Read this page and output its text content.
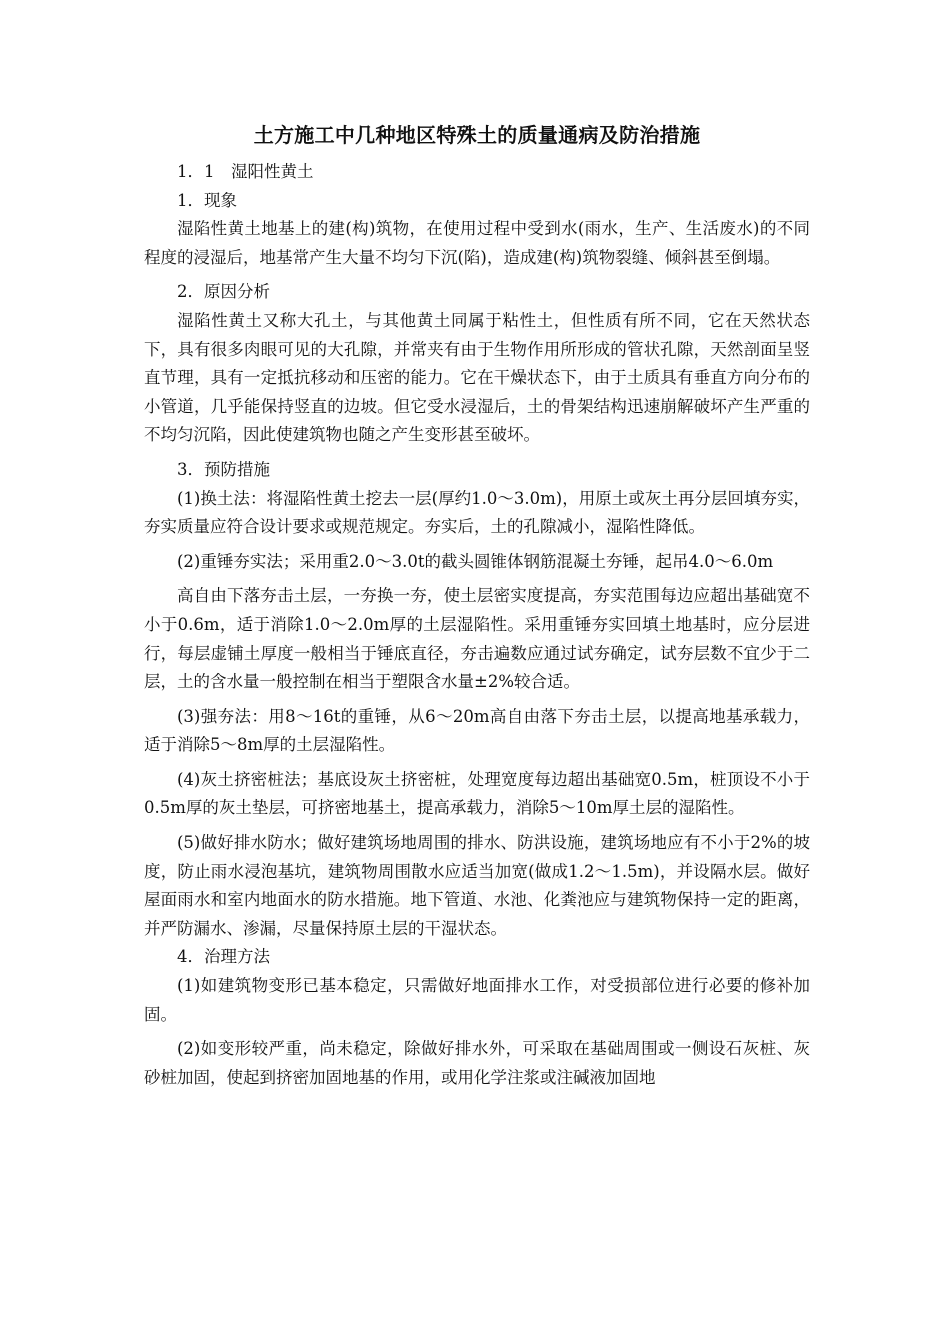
土方施工中几种地区特殊土的质量通病及防治措施

1．1　湿阳性黄土

1．现象

湿陷性黄土地基上的建(构)筑物，在使用过程中受到水(雨水，生产、生活废水)的不同程度的浸湿后，地基常产生大量不均匀下沉(陷)，造成建(构)筑物裂缝、倾斜甚至倒塌。

2．原因分析

湿陷性黄土又称大孔土，与其他黄土同属于粘性土，但性质有所不同，它在天然状态下，具有很多肉眼可见的大孔隙，并常夹有由于生物作用所形成的管状孔隙，天然剖面呈竖直节理，具有一定抵抗移动和压密的能力。它在干燥状态下，由于土质具有垂直方向分布的小管道，几乎能保持竖直的边坡。但它受水浸湿后，土的骨架结构迅速崩解破坏产生严重的不均匀沉陷，因此使建筑物也随之产生变形甚至破坏。

3．预防措施

(1)换土法：将湿陷性黄土挖去一层(厚约1.0～3.0m)，用原土或灰土再分层回填夯实，夯实质量应符合设计要求或规范规定。夯实后，土的孔隙减小，湿陷性降低。

(2)重锤夯实法；采用重2.0～3.0t的截头圆锥体钢筋混凝土夯锤，起吊4.0～6.0m

高自由下落夯击土层，一夯换一夯，使土层密实度提高，夯实范围每边应超出基础宽不小于0.6m，适于消除1.0～2.0m厚的土层湿陷性。采用重锤夯实回填土地基时，应分层进行，每层虚铺土厚度一般相当于锤底直径，夯击遍数应通过试夯确定，试夯层数不宜少于二层，土的含水量一般控制在相当于塑限含水量±2%较合适。

(3)强夯法：用8～16t的重锤，从6～20m高自由落下夯击土层，以提高地基承载力，适于消除5～8m厚的土层湿陷性。

(4)灰土挤密桩法；基底设灰土挤密桩，处理宽度每边超出基础宽0.5m，桩顶设不小于0.5m厚的灰土垫层，可挤密地基土，提高承载力，消除5～10m厚土层的湿陷性。

(5)做好排水防水；做好建筑场地周围的排水、防洪设施，建筑场地应有不小于2%的坡度，防止雨水浸泡基坑，建筑物周围散水应适当加宽(做成1.2～1.5m)，并设隔水层。做好屋面雨水和室内地面水的防水措施。地下管道、水池、化粪池应与建筑物保持一定的距离，并严防漏水、渗漏，尽量保持原土层的干湿状态。

4．治理方法

(1)如建筑物变形已基本稳定，只需做好地面排水工作，对受损部位进行必要的修补加固。

(2)如变形较严重，尚未稳定，除做好排水外，可采取在基础周围或一侧设石灰桩、灰砂桩加固，使起到挤密加固地基的作用，或用化学注浆或注碱液加固地
